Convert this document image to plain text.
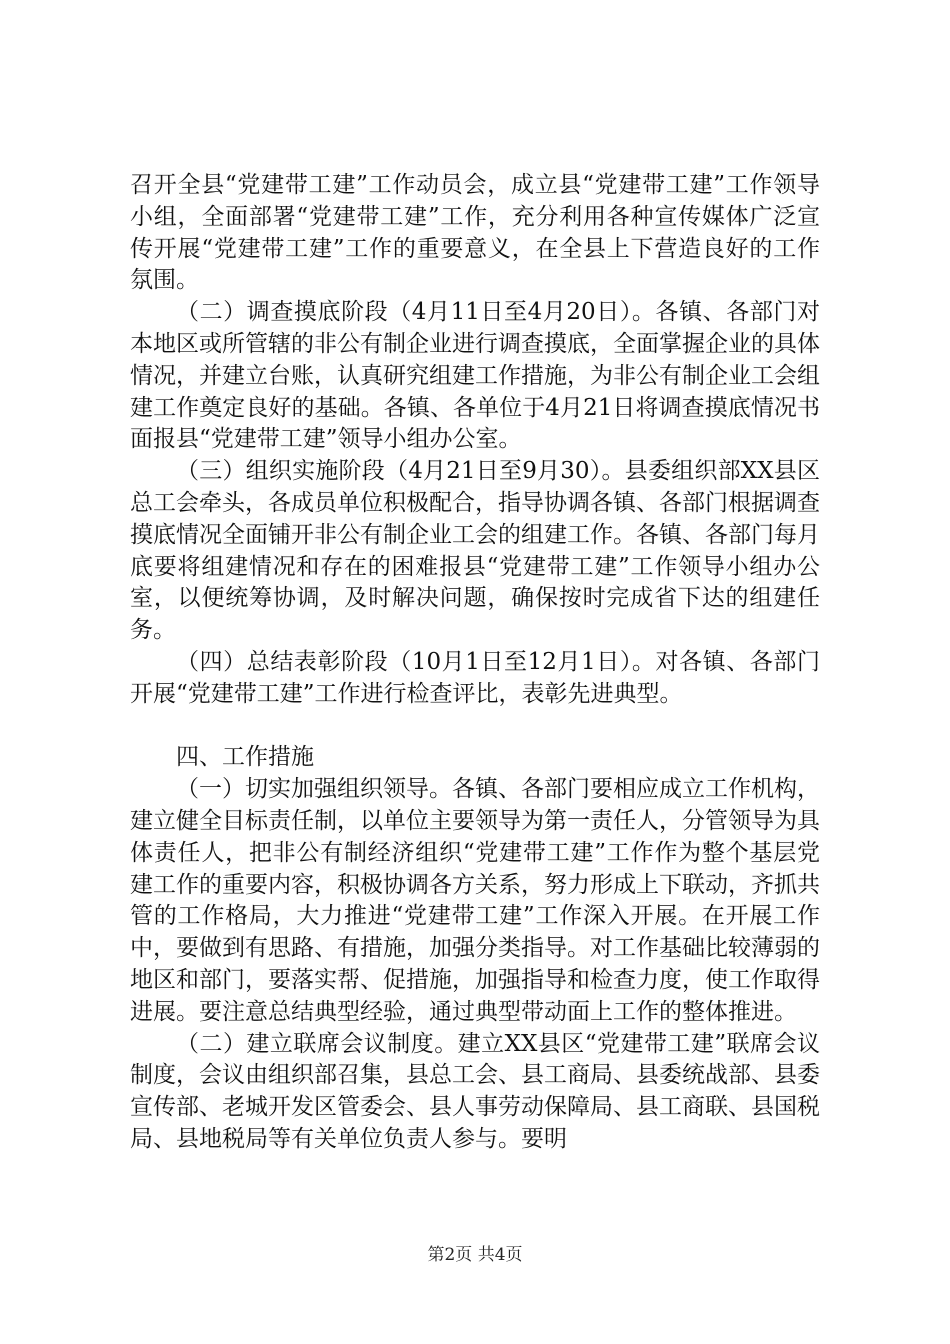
召开全县“党建带工建”工作动员会，成立县“党建带工建”工作领导小组，全面部署“党建带工建”工作，充分利用各种宣传媒体广泛宣传开展“党建带工建”工作的重要意义，在全县上下营造良好的工作氛围。

（二）调查摸底阶段（4月11日至4月20日）。各镇、各部门对本地区或所管辖的非公有制企业进行调查摸底，全面掌握企业的具体情况，并建立台账，认真研究组建工作措施，为非公有制企业工会组建工作奠定良好的基础。各镇、各单位于4月21日将调查摸底情况书面报县“党建带工建”领导小组办公室。

（三）组织实施阶段（4月21日至9月30）。县委组织部XX县区总工会牵头，各成员单位积极配合，指导协调各镇、各部门根据调查摸底情况全面铺开非公有制企业工会的组建工作。各镇、各部门每月底要将组建情况和存在的困难报县“党建带工建”工作领导小组办公室，以便统筹协调，及时解决问题，确保按时完成省下达的组建任务。

（四）总结表彰阶段（10月1日至12月1日）。对各镇、各部门开展“党建带工建”工作进行检查评比，表彰先进典型。

四、工作措施

（一）切实加强组织领导。各镇、各部门要相应成立工作机构，建立健全目标责任制，以单位主要领导为第一责任人，分管领导为具体责任人，把非公有制经济组织“党建带工建”工作作为整个基层党建工作的重要内容，积极协调各方关系，努力形成上下联动，齐抓共管的工作格局，大力推进“党建带工建”工作深入开展。在开展工作中，要做到有思路、有措施，加强分类指导。对工作基础比较薄弱的地区和部门，要落实帮、促措施，加强指导和检查力度，使工作取得进展。要注意总结典型经验，通过典型带动面上工作的整体推进。

（二）建立联席会议制度。建立XX县区“党建带工建”联席会议制度，会议由组织部召集，县总工会、县工商局、县委统战部、县委宣传部、老城开发区管委会、县人事劳动保障局、县工商联、县国税局、县地税局等有关单位负责人参与。要明

第2页 共4页
